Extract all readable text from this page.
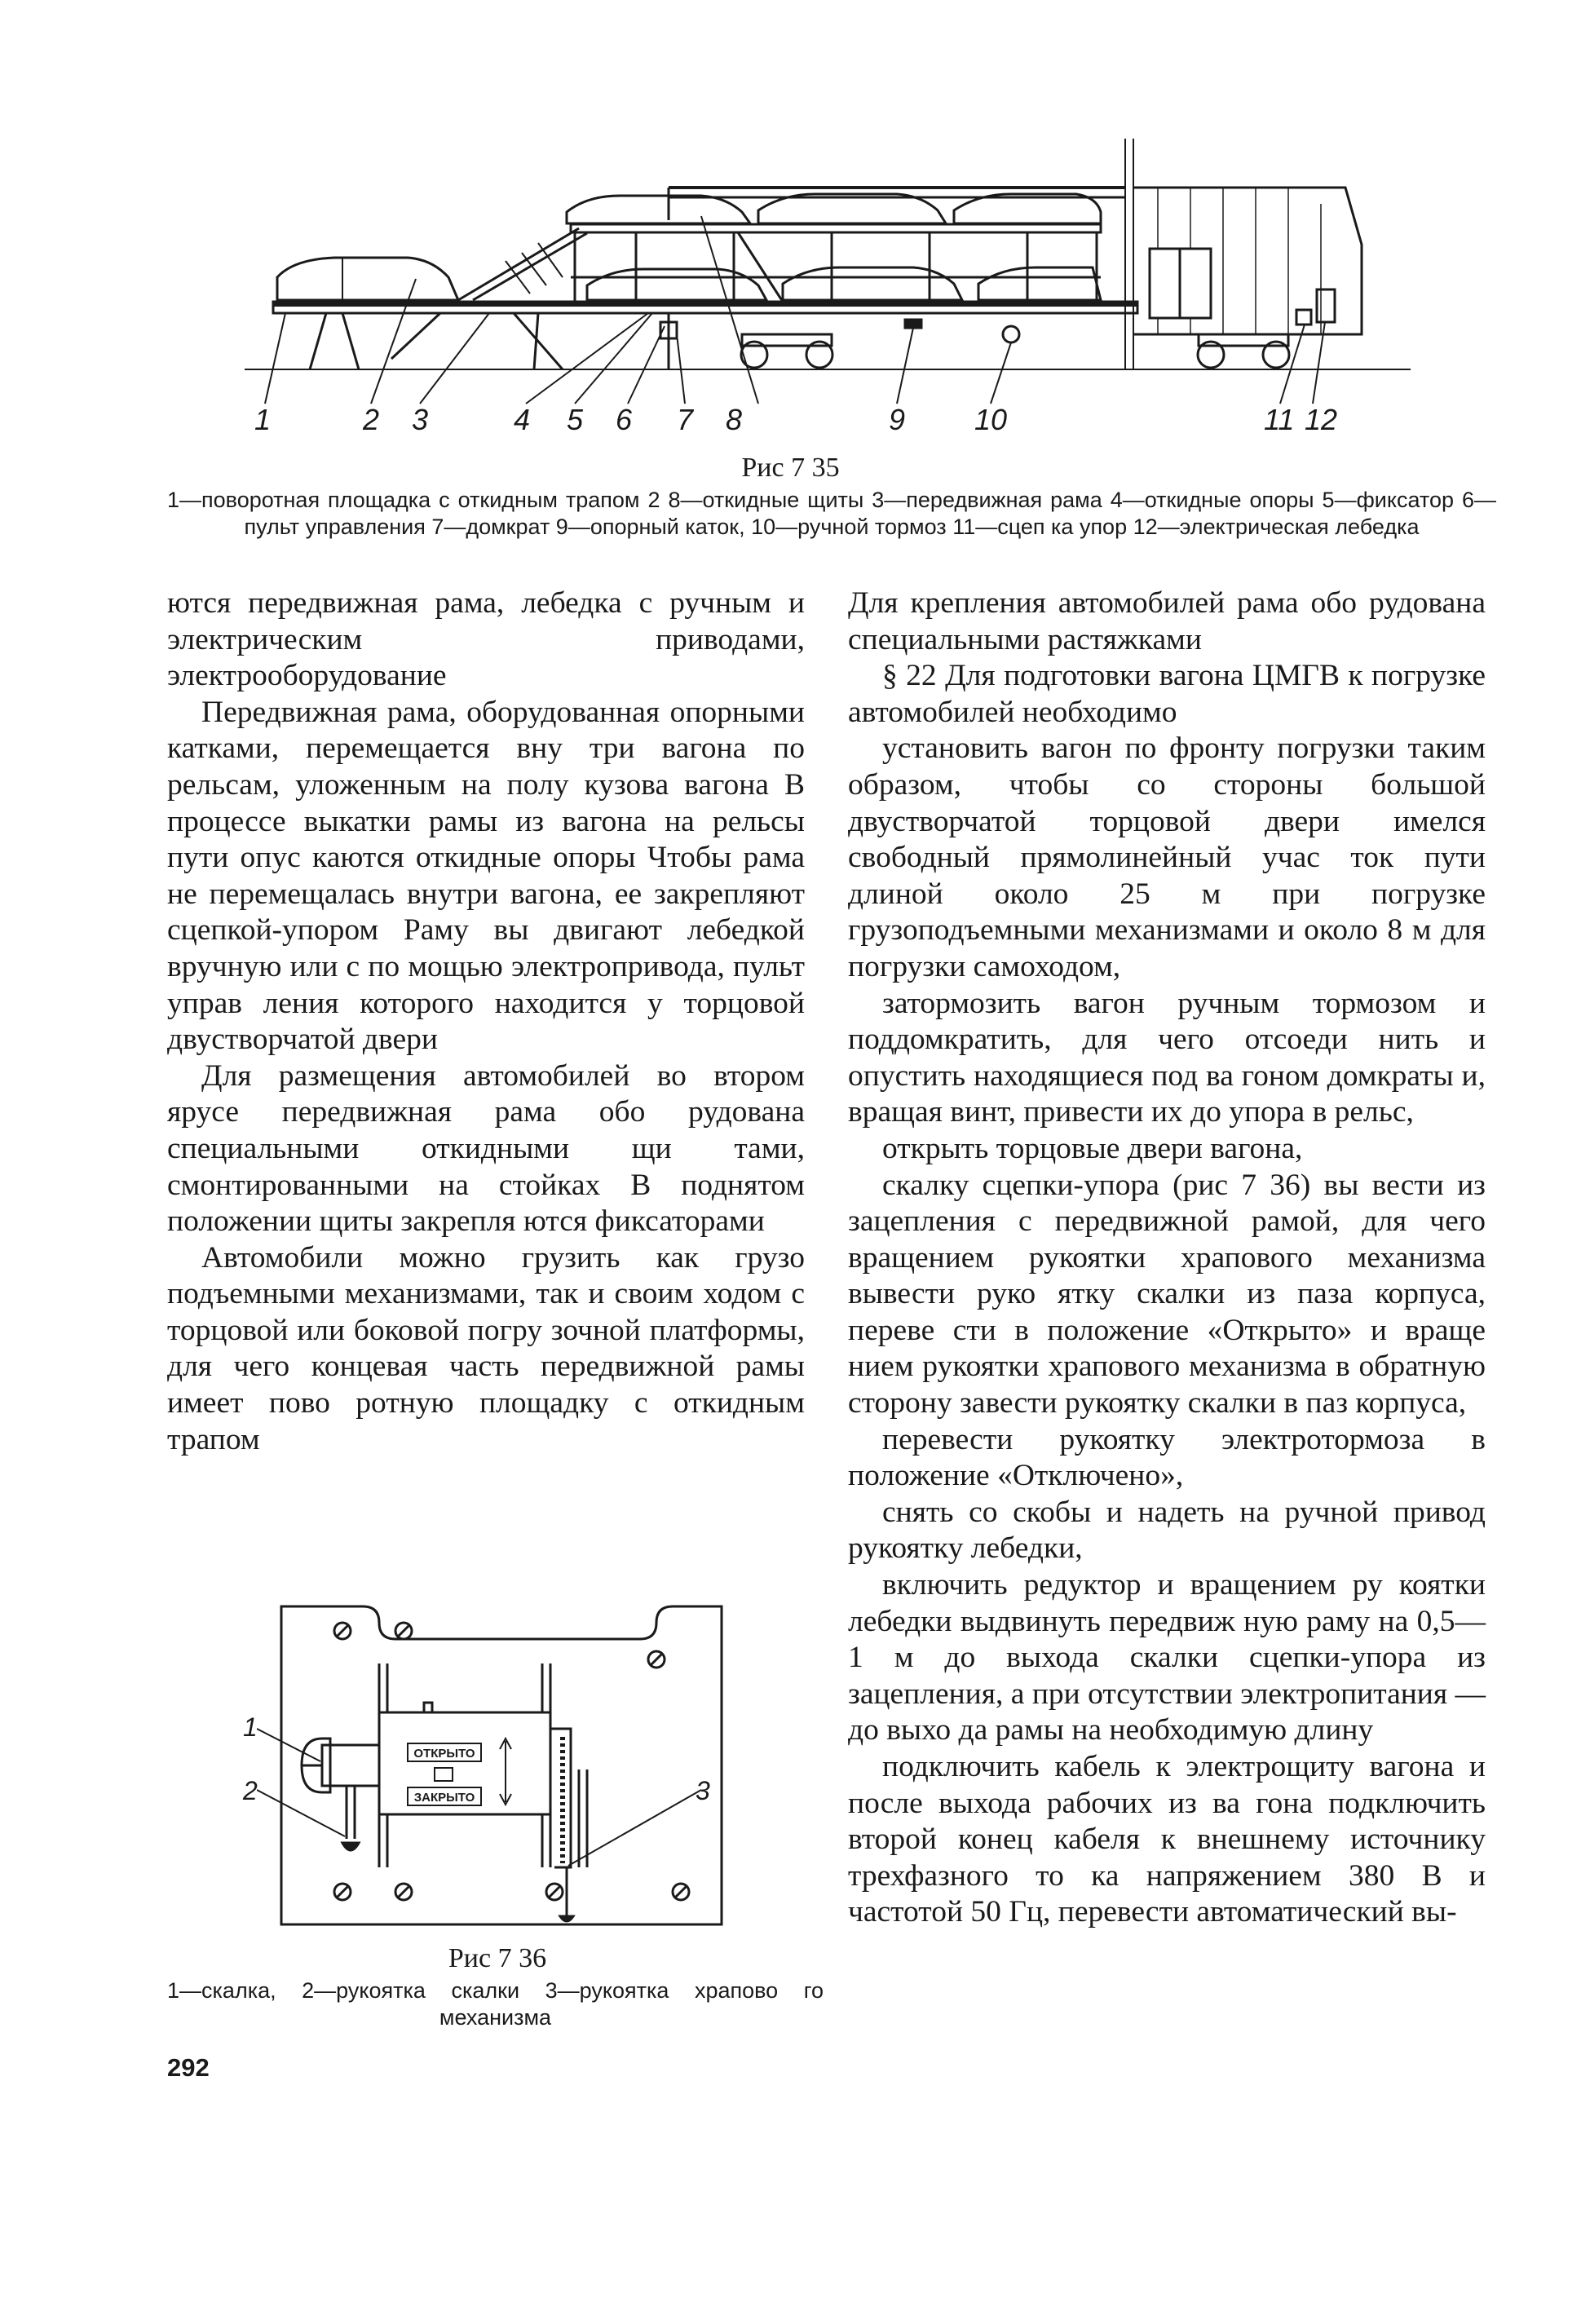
1	2 3	4 5 6 7 8	9 10	11 12
Рис 7 35
1—поворотная площадка с откидным трапом 2 8—откидные щиты 3—передвижная рама 4—откидные опоры 5—фиксатор 6—пульт управления 7—домкрат 9—опорный каток, 10—ручной тормоз 11—сцеп ка упор 12—электрическая лебедка

ются передвижная рама, лебедка с ручным и электрическим приводами, электрооборудование

Передвижная рама, оборудованная опорными катками, перемещается вну три вагона по рельсам, уложенным на полу кузова вагона В процессе выкатки рамы из вагона на рельсы пути опус каются откидные опоры Чтобы рама не перемещалась внутри вагона, ее закрепляют сцепкой-упором Раму вы двигают лебедкой вручную или с по мощью электропривода, пульт управ ления которого находится у торцовой двустворчатой двери

Для размещения автомобилей во втором ярусе передвижная рама обо рудована специальными откидными щи тами, смонтированными на стойках В поднятом положении щиты закрепля ются фиксаторами

Автомобили можно грузить как грузо подъемными механизмами, так и своим ходом с торцовой или боковой погру зочной платформы, для чего концевая часть передвижной рамы имеет пово ротную площадку с откидным трапом

ОТКРЫТО
ЗАКРЫТО
1
2	3
Рис 7 36
1—скалка, 2—рукоятка скалки 3—рукоятка храпово го механизма
292

Для крепления автомобилей рама обо рудована специальными растяжками

§ 22 Для подготовки вагона ЦМГВ к погрузке автомобилей необходимо

установить вагон по фронту погрузки таким образом, чтобы со стороны большой двустворчатой торцовой двери имелся свободный прямолинейный учас ток пути длиной около 25 м при погрузке грузоподъемными механизмами и около 8 м для погрузки самоходом,

затормозить вагон ручным тормозом и поддомкратить, для чего отсоеди нить и опустить находящиеся под ва гоном домкраты и, вращая винт, привести их до упора в рельс,

открыть торцовые двери вагона,

скалку сцепки-упора (рис 7 36) вы вести из зацепления с передвижной рамой, для чего вращением рукоятки храпового механизма вывести руко ятку скалки из паза корпуса, переве сти в положение «Открыто» и враще нием рукоятки храпового механизма в обратную сторону завести рукоятку скалки в паз корпуса,

перевести рукоятку электротормоза в положение «Отключено»,

снять со скобы и надеть на ручной привод рукоятку лебедки,

включить редуктор и вращением ру коятки лебедки выдвинуть передвиж ную раму на 0,5—1 м до выхода скалки сцепки-упора из зацепления, а при отсутствии электропитания — до выхо да рамы на необходимую длину

подключить кабель к электрощиту вагона и после выхода рабочих из ва гона подключить второй конец кабеля к внешнему источнику трехфазного то ка напряжением 380 В и частотой 50 Гц, перевести автоматический вы-
